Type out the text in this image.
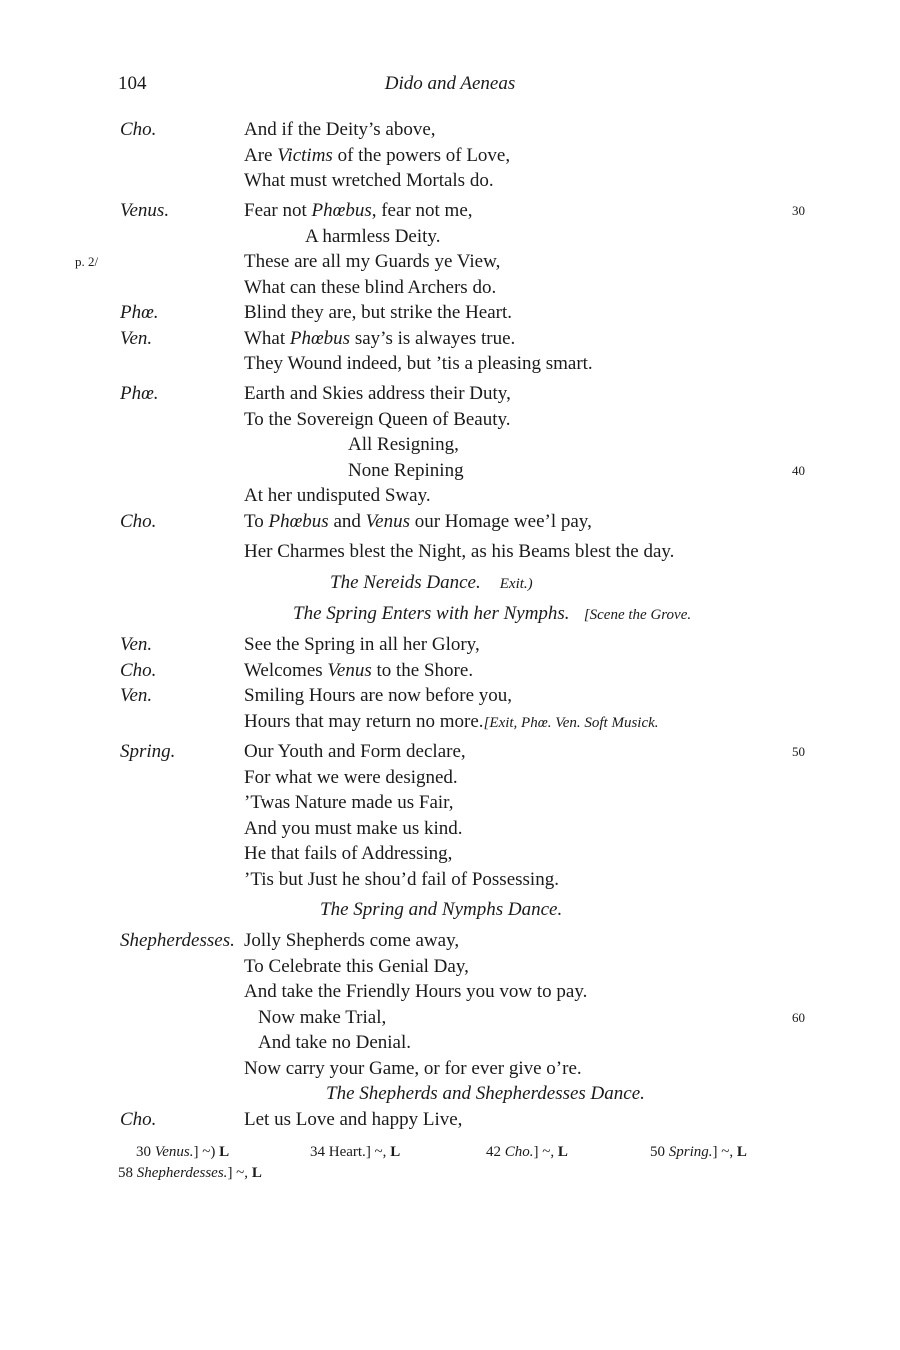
104	Dido and Aeneas
Cho.	And if the Deity’s above,
Are Victims of the powers of Love,
What must wretched Mortals do.
Venus.	Fear not Phœbus, fear not me,	30
A harmless Deity.
p. 2/	These are all my Guards ye View,
What can these blind Archers do.
Phœ.	Blind they are, but strike the Heart.
Ven.	What Phœbus say’s is alwayes true.
They Wound indeed, but ’tis a pleasing smart.
Phœ.	Earth and Skies address their Duty,
To the Sovereign Queen of Beauty.
All Resigning,
None Repining	40
At her undisputed Sway.
Cho.	To Phœbus and Venus our Homage wee’l pay,
Her Charmes blest the Night, as his Beams blest the day.
The Nereids Dance. Exit.)
The Spring Enters with her Nymphs. [Scene the Grove.
Ven.	See the Spring in all her Glory,
Cho.	Welcomes Venus to the Shore.
Ven.	Smiling Hours are now before you,
Hours that may return no more.[Exit, Phœ. Ven. Soft Musick.
Spring.	Our Youth and Form declare,	50
For what we were designed.
’Twas Nature made us Fair,
And you must make us kind.
He that fails of Addressing,
’Tis but Just he shou’d fail of Possessing.
The Spring and Nymphs Dance.
Shepherdesses. Jolly Shepherds come away,
To Celebrate this Genial Day,
And take the Friendly Hours you vow to pay.
Now make Trial,	60
And take no Denial.
Now carry your Game, or for ever give o’re.
The Shepherds and Shepherdesses Dance.
Cho.	Let us Love and happy Live,
30 Venus.] ~) L	34 Heart.] ~, L	42 Cho.] ~, L	50 Spring.] ~, L
58 Shepherdesses.] ~, L
